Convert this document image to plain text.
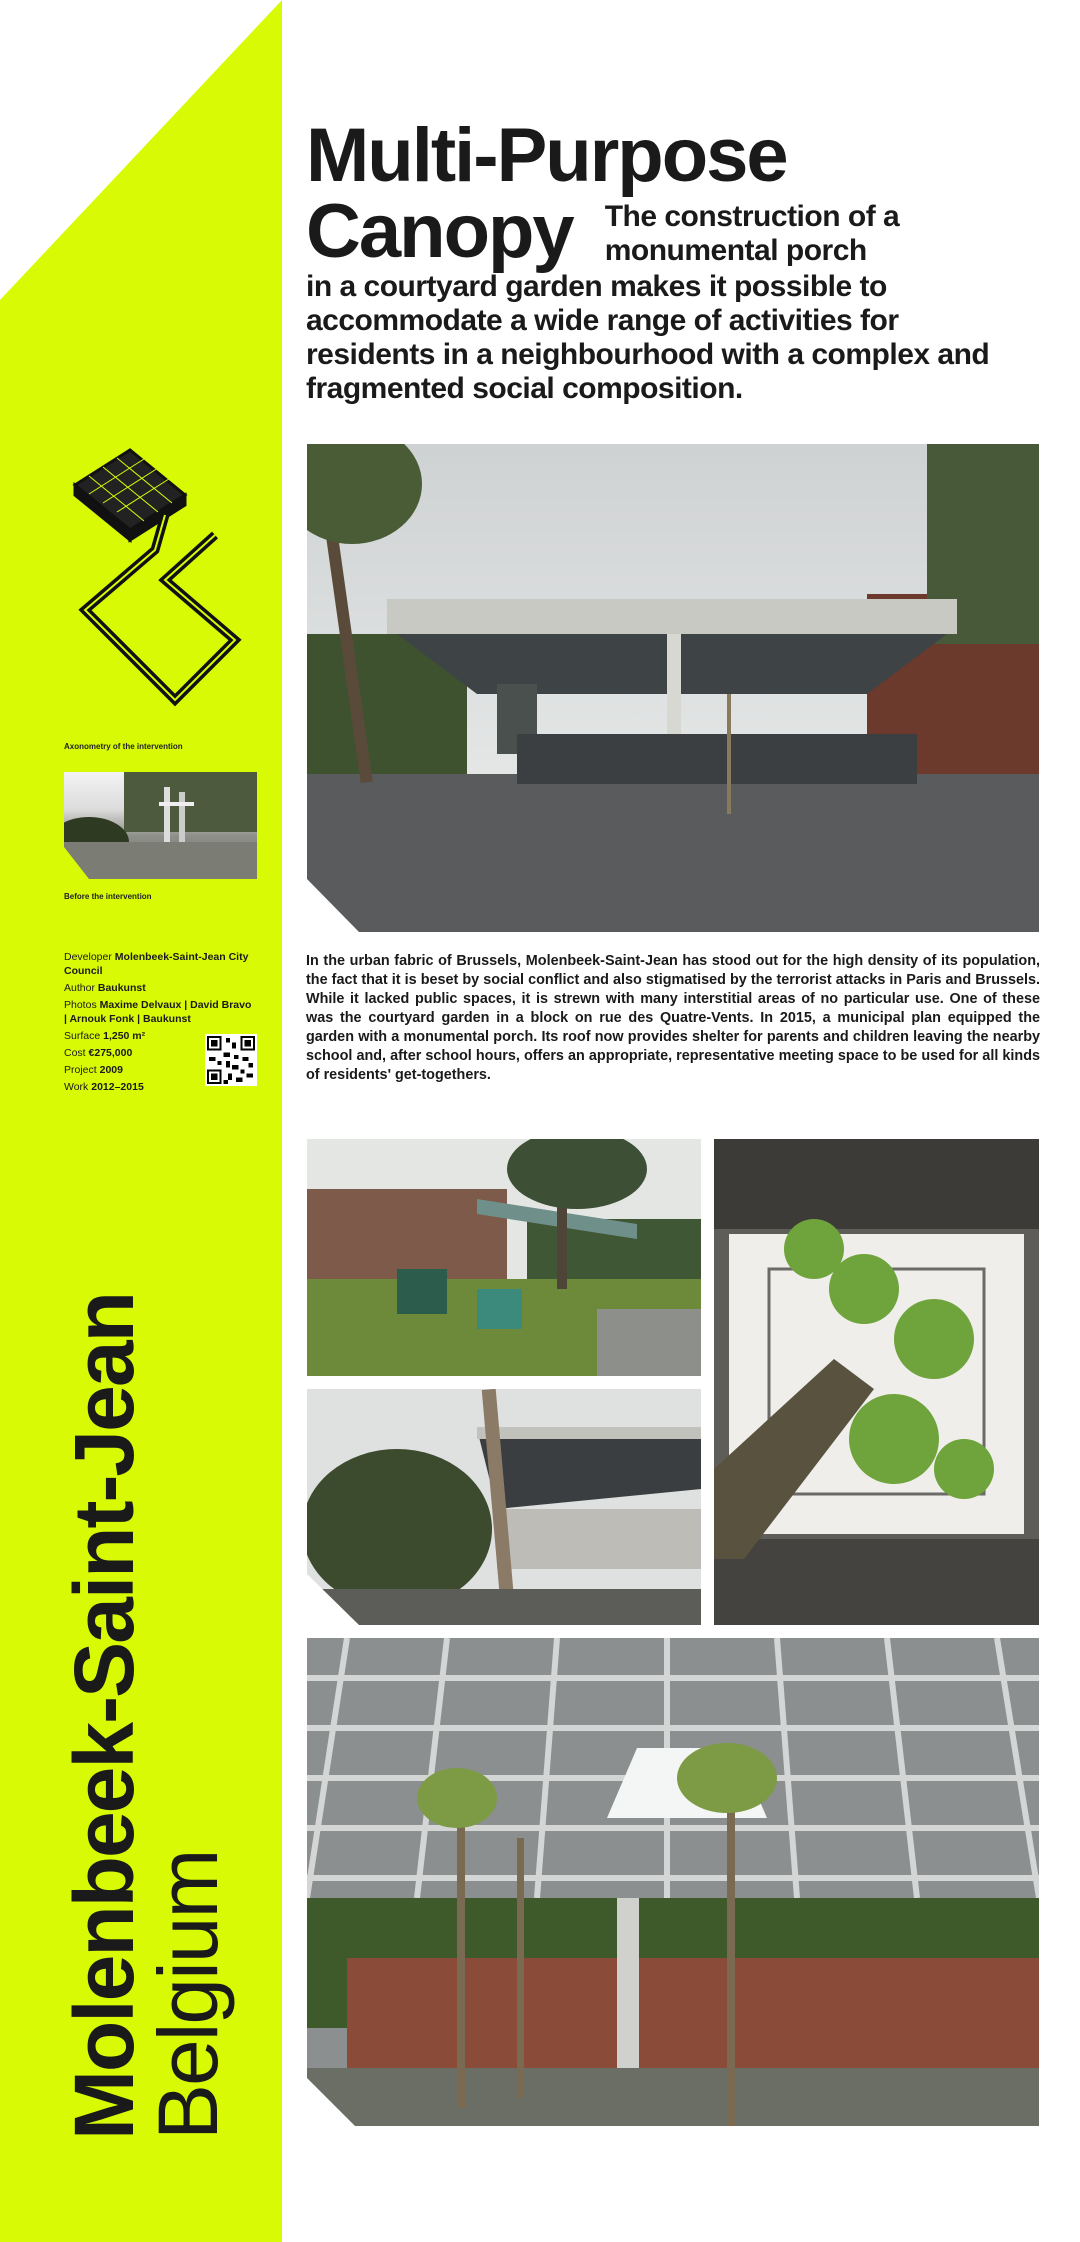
Axonometry of the intervention
Before the intervention
Developer Molenbeek-Saint-Jean City Council
Author Baukunst
Photos Maxime Delvaux | David Bravo | Arnouk Fonk | Baukunst
Surface 1,250 m²
Cost €275,000
Project 2009
Work 2012–2015
Molenbeek-Saint-Jean
Belgium
Multi-Purpose
Canopy The construction of a monumental porch
in a courtyard garden makes it possible to accommodate a wide range of activities for residents in a neighbourhood with a complex and fragmented social composition.
In the urban fabric of Brussels, Molenbeek-Saint-Jean has stood out for the high density of its population, the fact that it is beset by social conflict and also stigmatised by the terrorist attacks in Paris and Brussels. While it lacked public spaces, it is strewn with many interstitial areas of no particular use. One of these was the courtyard garden in a block on rue des Quatre-Vents. In 2015, a municipal plan equipped the garden with a monumental porch. Its roof now provides shelter for parents and children leaving the nearby school and, after school hours, offers an appropriate, representative meeting space to be used for all kinds of residents' get-togethers.
